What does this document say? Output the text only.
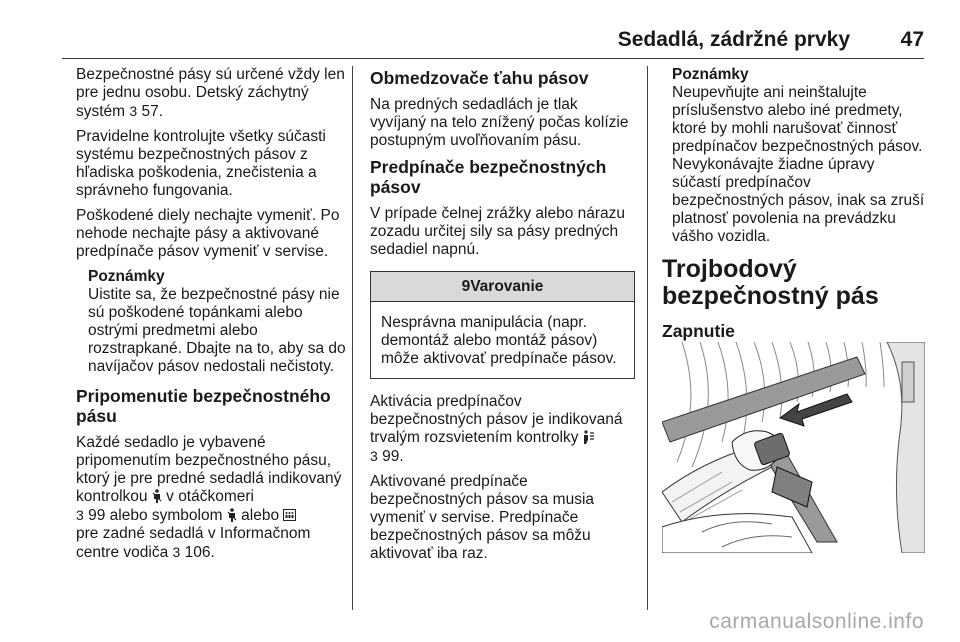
Sedadlá, zádržné prvky 47

Bezpečnostné pásy sú určené vždy len pre jednu osobu. Detský záchytný systém 3 57.

Pravidelne kontrolujte všetky súčasti systému bezpečnostných pásov z hľadiska poškodenia, znečistenia a správneho fungovania.

Poškodené diely nechajte vymeniť. Po nehode nechajte pásy a aktivované predpínače pásov vymeniť v servise.

Poznámky
Uistite sa, že bezpečnostné pásy nie sú poškodené topánkami alebo ostrými predmetmi alebo rozstrapkané. Dbajte na to, aby sa do navíjačov pásov nedostali nečistoty.
Pripomenutie bezpečnostného pásu

Každé sedadlo je vybavené pripomenutím bezpečnostného pásu, ktorý je pre predné sedadlá indikovaný kontrolkou  v otáčkomeri
3 99 alebo symbolom  alebo
pre zadné sedadlá v Informačnom centre vodiča 3 106.

Obmedzovače ťahu pásov

Na predných sedadlách je tlak vyvíjaný na telo znížený počas kolízie postupným uvoľňovaním pásu.

Predpínače bezpečnostných pásov

V prípade čelnej zrážky alebo nárazu zozadu určitej sily sa pásy predných sedadiel napnú.

9Varovanie
Nesprávna manipulácia (napr. demontáž alebo montáž pásov) môže aktivovať predpínače pásov.

Aktivácia predpínačov bezpečnostných pásov je indikovaná trvalým rozsvietením kontrolky
3 99.

Aktivované predpínače bezpečnostných pásov sa musia vymeniť v servise. Predpínače bezpečnostných pásov sa môžu aktivovať iba raz.

Poznámky
Neupevňujte ani neinštalujte príslušenstvo alebo iné predmety, ktoré by mohli narušovať činnosť predpínačov bezpečnostných pásov. Nevykonávajte žiadne úpravy súčastí predpínačov bezpečnostných pásov, inak sa zruší platnosť povolenia na prevádzku vášho vozidla.
Trojbodový bezpečnostný pás
Zapnutie
carmanualsonline.info
